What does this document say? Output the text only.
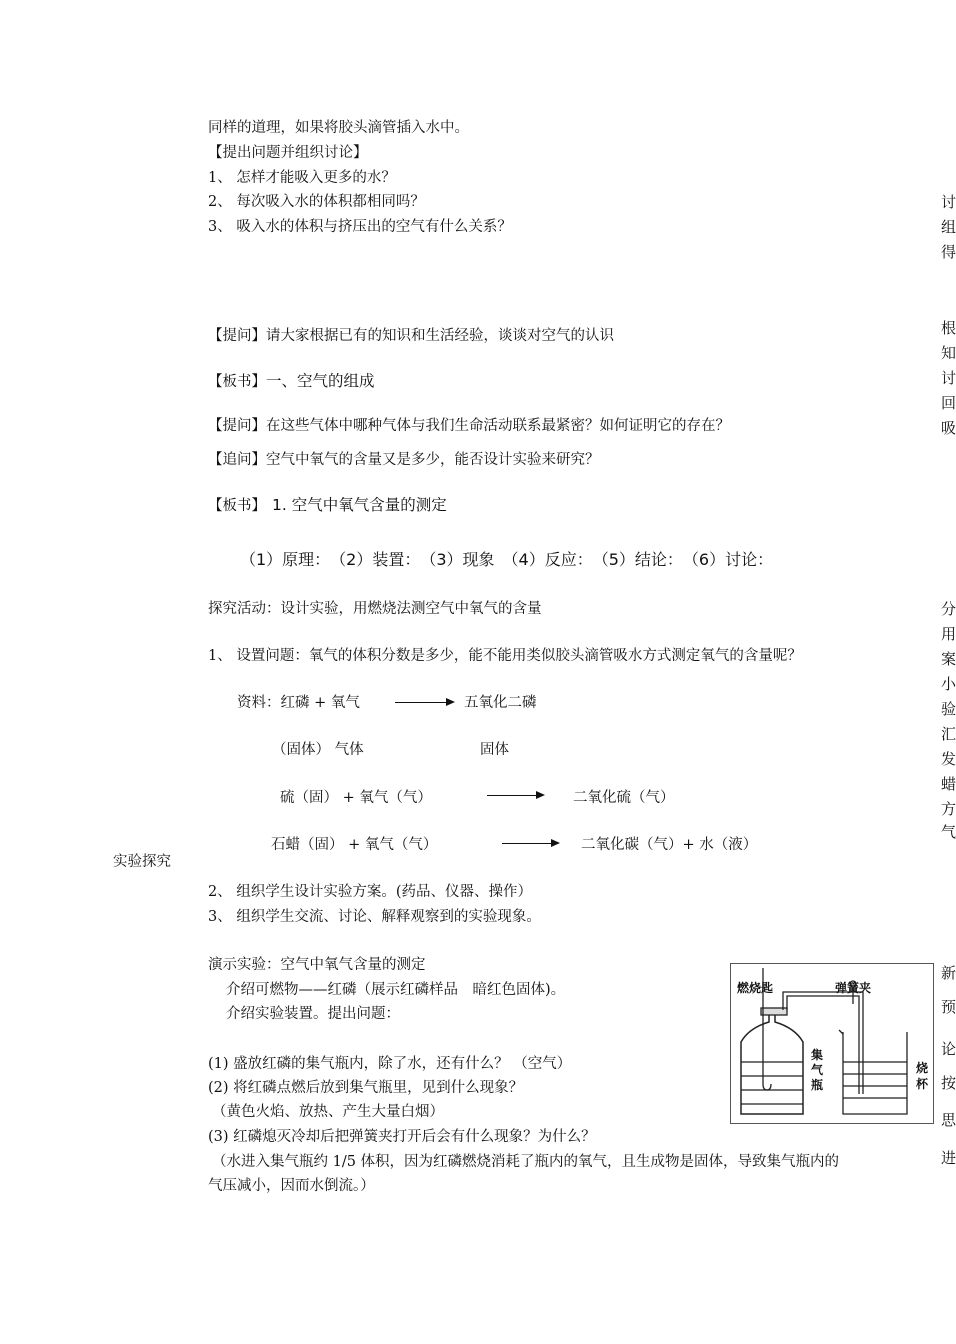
同样的道理，如果将胶头滴管插入水中。
【提出问题并组织讨论】
1、 怎样才能吸入更多的水？
2、 每次吸入水的体积都相同吗？
3、 吸入水的体积与挤压出的空气有什么关系？
【提问】请大家根据已有的知识和生活经验，谈谈对空气的认识
【板书】一、空气的组成
【提问】在这些气体中哪种气体与我们生命活动联系最紧密？如何证明它的存在？
【追问】空气中氧气的含量又是多少，能否设计实验来研究？
【板书】 1. 空气中氧气含量的测定
（1）原理：　（2）装置：　（3）现象　（4）反应：　（5）结论：　（6）讨论：
探究活动：设计实验，用燃烧法测空气中氧气的含量
1、 设置问题：氧气的体积分数是多少，能不能用类似胶头滴管吸水方式测定氧气的含量呢？
资料：红磷 + 氧气 → 五氧化二磷
（固体） 气体	固体
硫（固） + 氧气（气）	二氧化硫（气）
石蜡（固） + 氧气（气）	二氧化碳（气）+ 水（液）
实验探究
2、 组织学生设计实验方案。(药品、仪器、操作）
3、 组织学生交流、讨论、解释观察到的实验现象。
演示实验：空气中氧气含量的测定
介绍可燃物——红磷（展示红磷样品　暗红色固体)。
介绍实验装置。提出问题：
(1) 盛放红磷的集气瓶内，除了水，还有什么？ （空气）
(2) 将红磷点燃后放到集气瓶里，见到什么现象？
（黄色火焰、放热、产生大量白烟）
(3) 红磷熄灭冷却后把弹簧夹打开后会有什么现象？为什么？
（水进入集气瓶约 1/5 体积，因为红磷燃烧消耗了瓶内的氧气，且生成物是固体，导致集气瓶内的
气压减小，因而水倒流。）
燃烧匙	弹簧夹
集
气
瓶
烧
杯
讨
组
得
根
知
讨
回
吸
分
用
案
小
验
汇
发
蜡
方
气
新
预
论
按
思
进
